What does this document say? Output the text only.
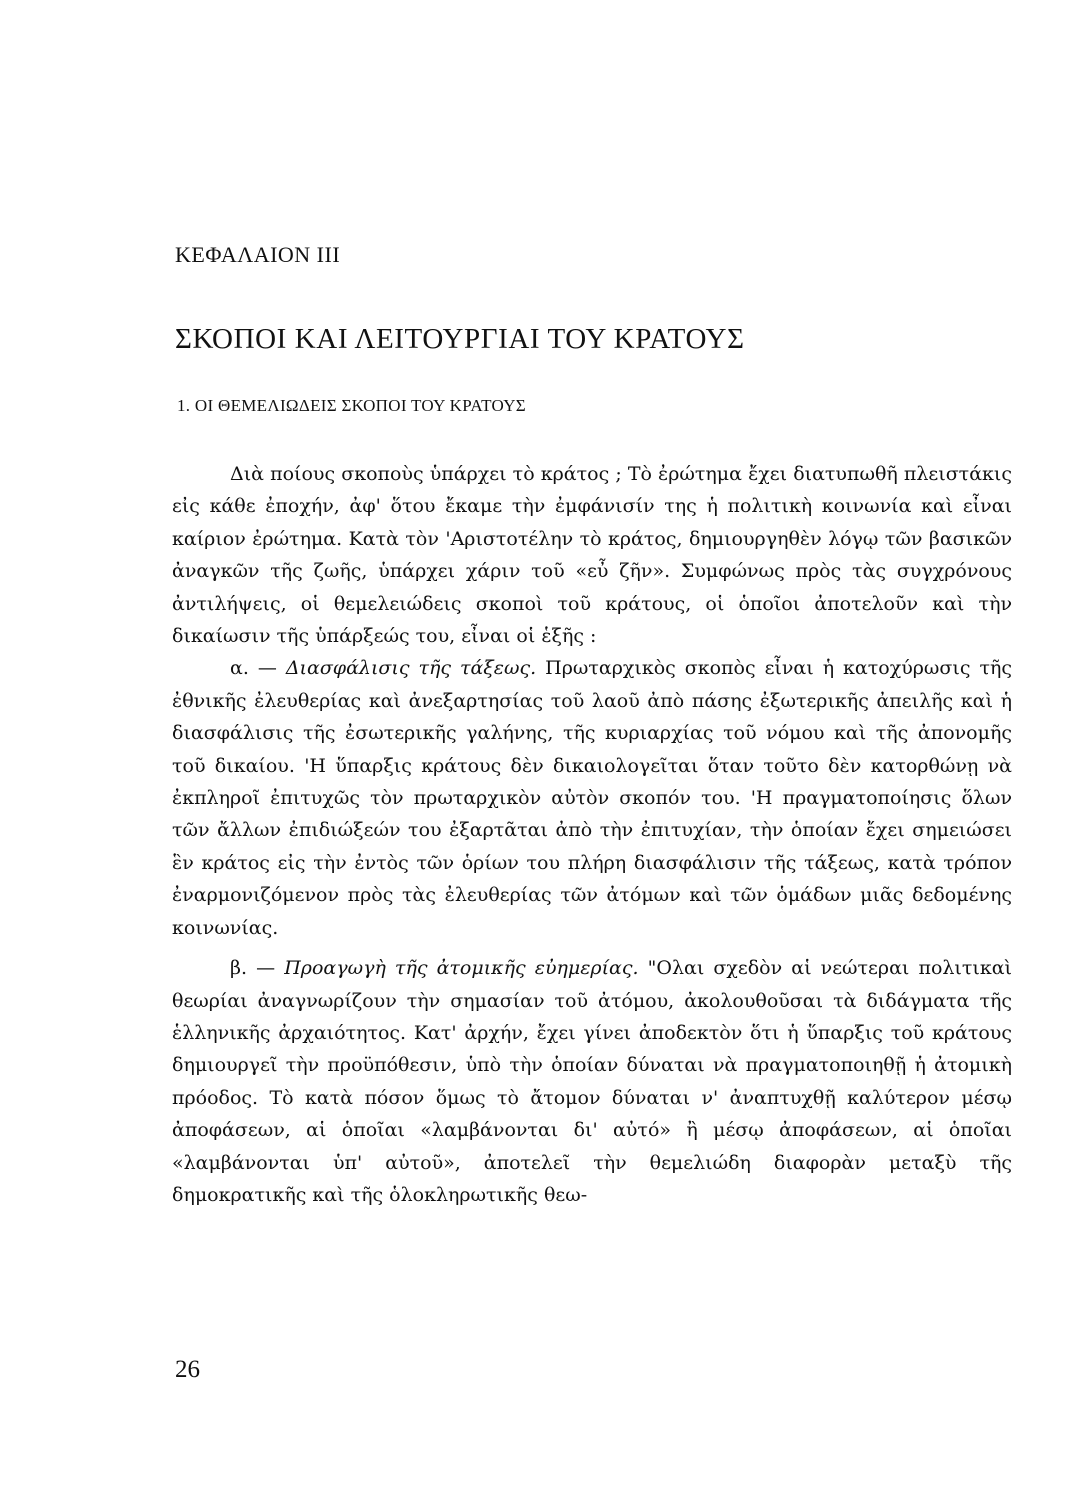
ΚΕΦΑΛΑΙΟΝ ΙΙΙ
ΣΚΟΠΟΙ ΚΑΙ ΛΕΙΤΟΥΡΓΙΑΙ ΤΟΥ ΚΡΑΤΟΥΣ
1. ΟΙ ΘΕΜΕΛΙΩΔΕΙΣ ΣΚΟΠΟΙ ΤΟΥ ΚΡΑΤΟΥΣ

Διὰ ποίους σκοποὺς ὑπάρχει τὸ κράτος ; Τὸ ἐρώτημα ἔχει διατυπωθῆ πλειστάκις εἰς κάθε ἐποχήν, ἀφ' ὅτου ἔκαμε τὴν ἐμφάνισίν της ἡ πολιτικὴ κοινωνία καὶ εἶναι καίριον ἐρώτημα. Κατὰ τὸν 'Αριστοτέλην τὸ κράτος, δημιουργηθὲν λόγῳ τῶν βασικῶν ἀναγκῶν τῆς ζωῆς, ὑπάρχει χάριν τοῦ «εὖ ζῆν». Συμφώνως πρὸς τὰς συγχρόνους ἀντιλήψεις, οἱ θεμελειώδεις σκοποὶ τοῦ κράτους, οἱ ὁποῖοι ἀποτελοῦν καὶ τὴν δικαίωσιν τῆς ὑπάρξεώς του, εἶναι οἱ ἑξῆς :

α. — Διασφάλισις τῆς τάξεως. Πρωταρχικὸς σκοπὸς εἶναι ἡ κατοχύρωσις τῆς ἐθνικῆς ἐλευθερίας καὶ ἀνεξαρτησίας τοῦ λαοῦ ἀπὸ πάσης ἐξωτερικῆς ἀπειλῆς καὶ ἡ διασφάλισις τῆς ἐσωτερικῆς γαλήνης, τῆς κυριαρχίας τοῦ νόμου καὶ τῆς ἀπονομῆς τοῦ δικαίου. 'Η ὕπαρξις κράτους δὲν δικαιολογεῖται ὅταν τοῦτο δὲν κατορθώνῃ νὰ ἐκπληροῖ ἐπιτυχῶς τὸν πρωταρχικὸν αὐτὸν σκοπόν του. 'Η πραγματοποίησις ὅλων τῶν ἄλλων ἐπιδιώξεών του ἐξαρτᾶται ἀπὸ τὴν ἐπιτυχίαν, τὴν ὁποίαν ἔχει σημειώσει ἓν κράτος εἰς τὴν ἐντὸς τῶν ὁρίων του πλήρη διασφάλισιν τῆς τάξεως, κατὰ τρόπον ἐναρμονιζόμενον πρὸς τὰς ἐλευθερίας τῶν ἀτόμων καὶ τῶν ὁμάδων μιᾶς δεδομένης κοινωνίας.

β. — Προαγωγὴ τῆς ἀτομικῆς εὐημερίας. "Ολαι σχεδὸν αἱ νεώτεραι πολιτικαὶ θεωρίαι ἀναγνωρίζουν τὴν σημασίαν τοῦ ἀτόμου, ἀκολουθοῦσαι τὰ διδάγματα τῆς ἑλληνικῆς ἀρχαιότητος. Κατ' ἀρχήν, ἔχει γίνει ἀποδεκτὸν ὅτι ἡ ὕπαρξις τοῦ κράτους δημιουργεῖ τὴν προϋπόθεσιν, ὑπὸ τὴν ὁποίαν δύναται νὰ πραγματοποιηθῇ ἡ ἀτομικὴ πρόοδος. Τὸ κατὰ πόσον ὅμως τὸ ἄτομον δύναται ν' ἀναπτυχθῇ καλύτερον μέσῳ ἀποφάσεων, αἱ ὁποῖαι «λαμβάνονται δι' αὐτό» ἢ μέσῳ ἀποφάσεων, αἱ ὁποῖαι «λαμβάνονται ὑπ' αὐτοῦ», ἀποτελεῖ τὴν θεμελιώδη διαφορὰν μεταξὺ τῆς δημοκρατικῆς καὶ τῆς ὁλοκληρωτικῆς θεω-

26
